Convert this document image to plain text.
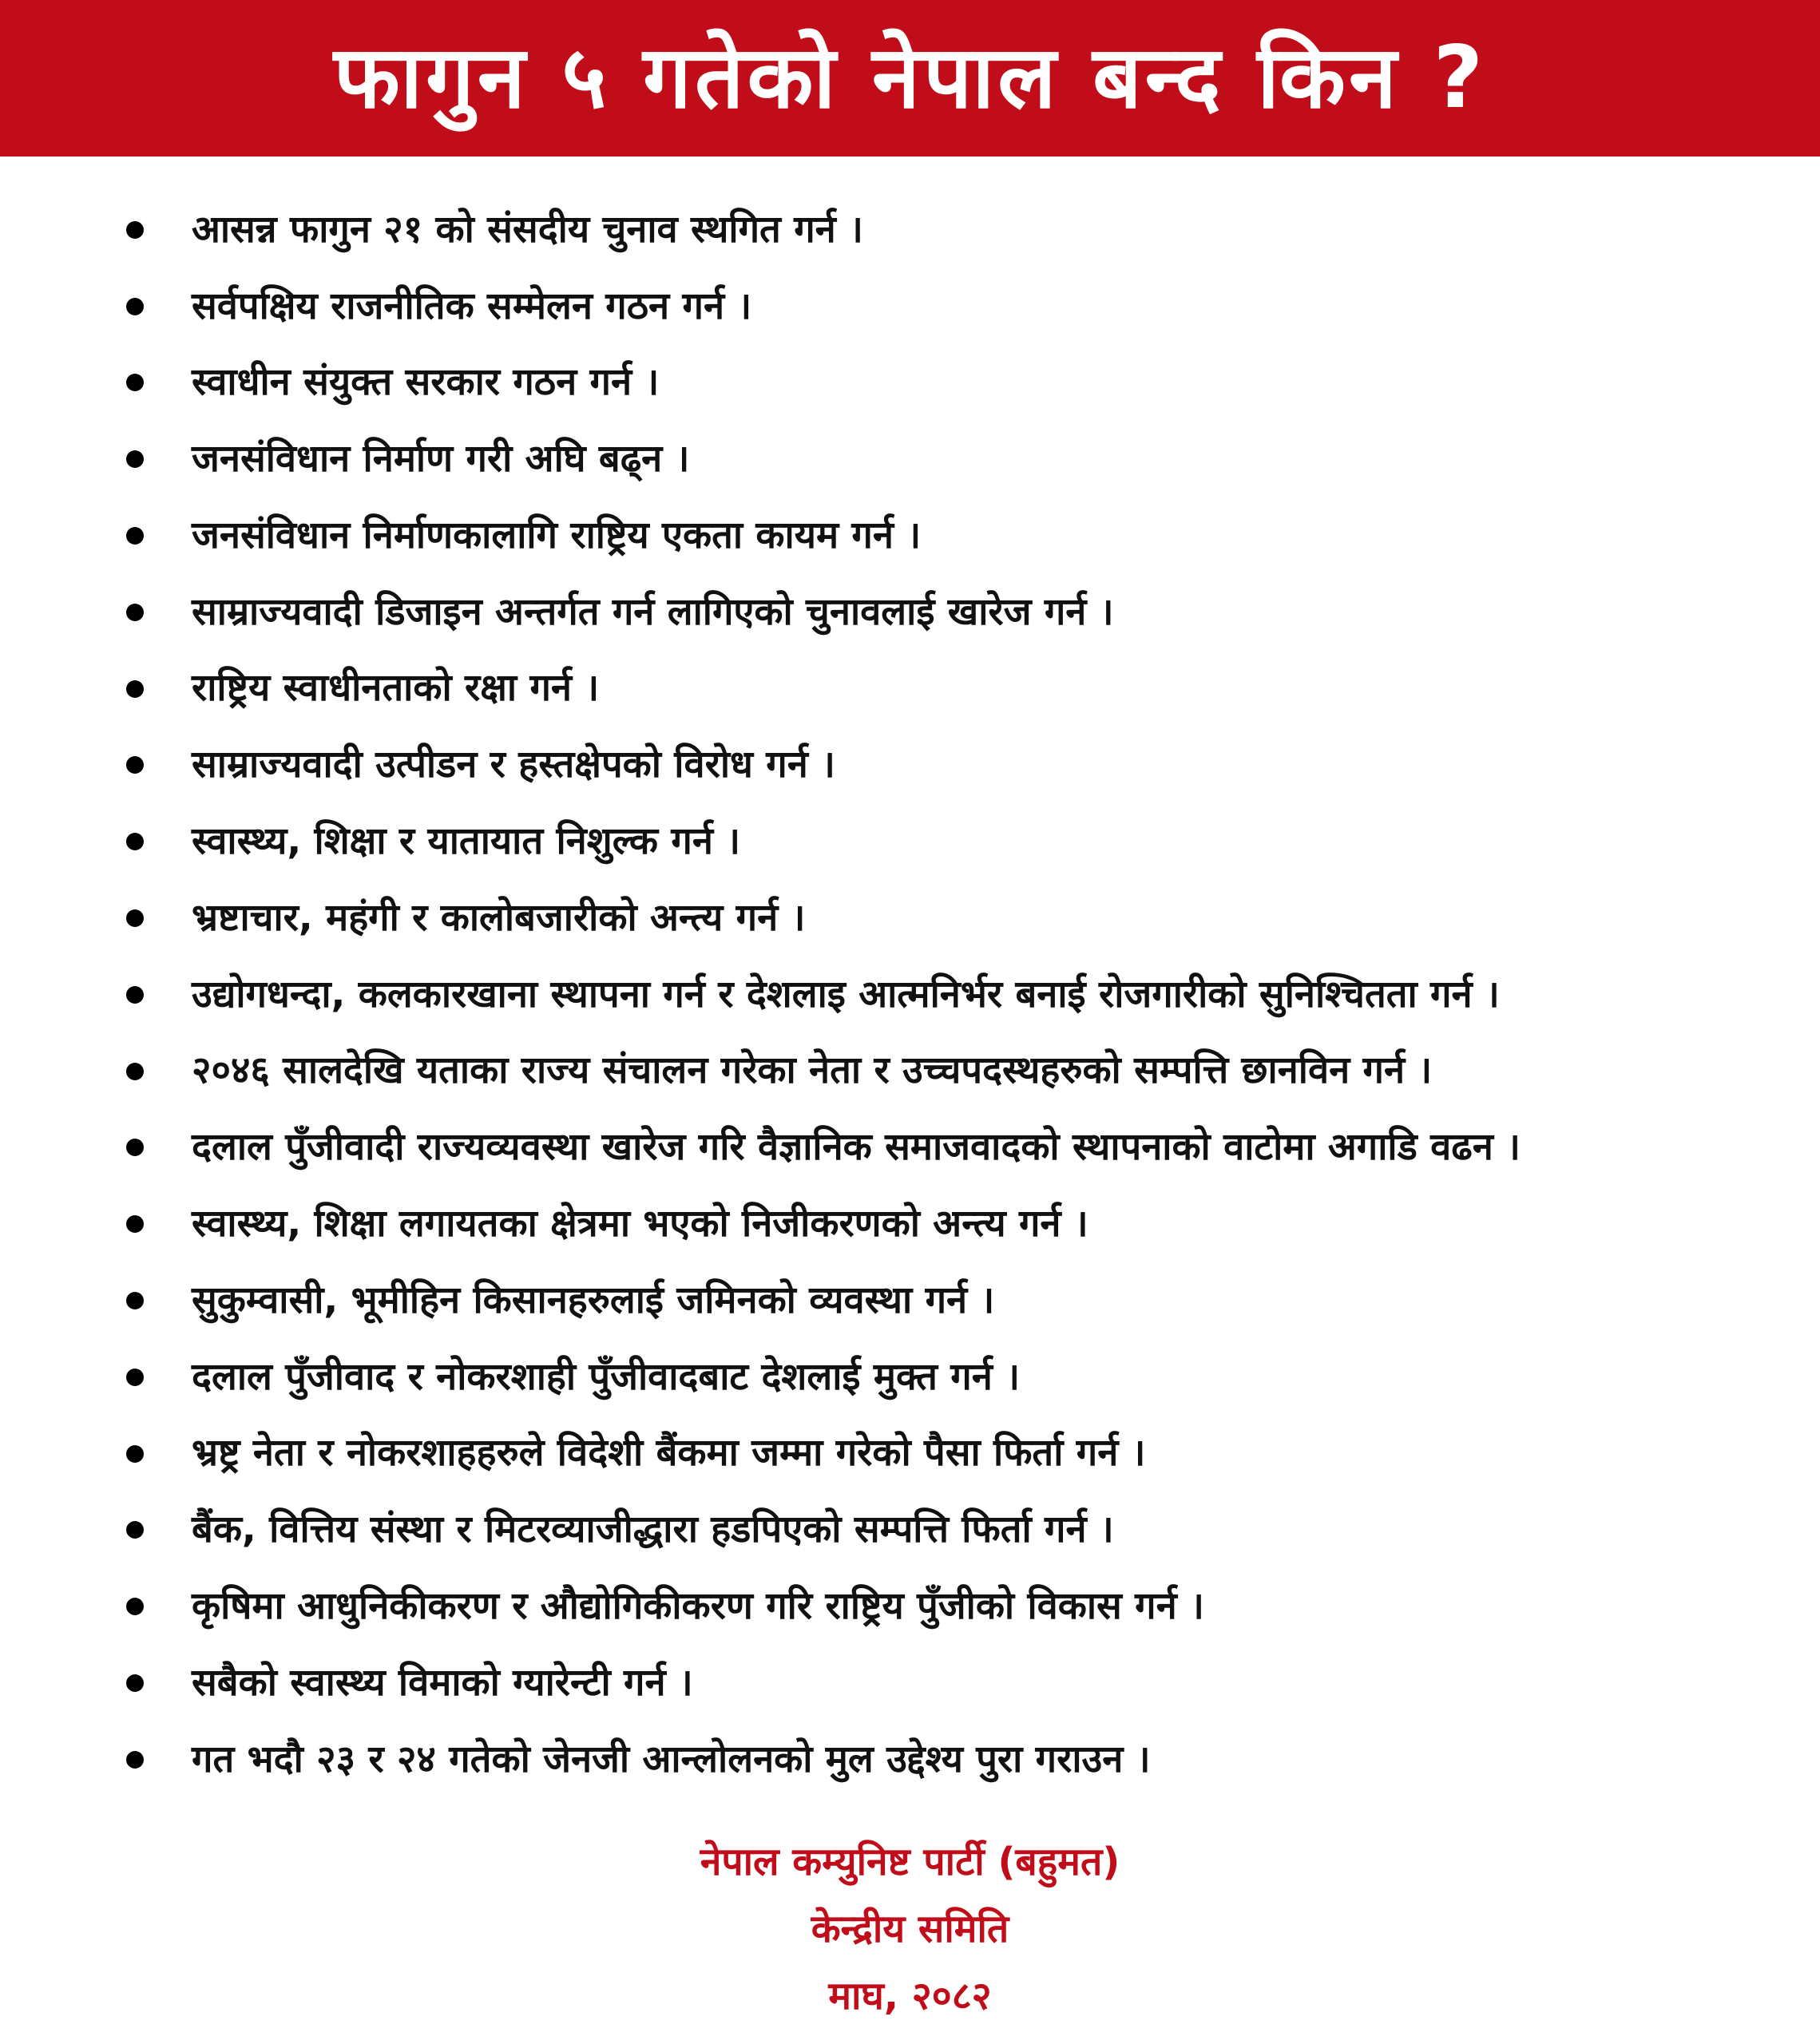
फागुन ५ गतेको नेपाल बन्द किन ?
आसन्न फागुन २१ को संसदीय चुनाव स्थगित गर्न ।
सर्वपक्षिय राजनीतिक सम्मेलन गठन गर्न ।
स्वाधीन संयुक्त सरकार गठन गर्न ।
जनसंविधान निर्माण गरी अघि बढ्न ।
जनसंविधान निर्माणकालागि राष्ट्रिय एकता कायम गर्न ।
साम्राज्यवादी डिजाइन अन्तर्गत गर्न लागिएको चुनावलाई खारेज गर्न ।
राष्ट्रिय स्वाधीनताको रक्षा गर्न ।
साम्राज्यवादी उत्पीडन र हस्तक्षेपको विरोध गर्न ।
स्वास्थ्य, शिक्षा र यातायात निशुल्क गर्न ।
भ्रष्टाचार, महंगी र कालोबजारीको अन्त्य गर्न ।
उद्योगधन्दा, कलकारखाना स्थापना गर्न र देशलाइ आत्मनिर्भर बनाई रोजगारीको सुनिश्चितता गर्न ।
२०४६ सालदेखि यताका राज्य संचालन गरेका नेता र उच्चपदस्थहरुको सम्पत्ति छानविन गर्न ।
दलाल पुँजीवादी राज्यव्यवस्था खारेज गरि वैज्ञानिक समाजवादको स्थापनाको वाटोमा अगाडि वढन ।
स्वास्थ्य, शिक्षा लगायतका क्षेत्रमा भएको निजीकरणको अन्त्य गर्न ।
सुकुम्वासी, भूमीहिन किसानहरुलाई जमिनको व्यवस्था गर्न ।
दलाल पुँजीवाद र नोकरशाही पुँजीवादबाट देशलाई मुक्त गर्न ।
भ्रष्ट्र नेता र नोकरशाहहरुले विदेशी बैंकमा जम्मा गरेको पैसा फिर्ता गर्न ।
बैंक, वित्तिय संस्था र मिटरव्याजीद्धारा हडपिएको सम्पत्ति फिर्ता गर्न ।
कृषिमा आधुनिकीकरण र औद्योगिकीकरण गरि राष्ट्रिय पुँजीको विकास गर्न ।
सबैको स्वास्थ्य विमाको ग्यारेन्टी गर्न ।
गत भदौ २३ र २४ गतेको जेनजी आन्लोलनको मुल उद्देश्य पुरा गराउन ।
नेपाल कम्युनिष्ट पार्टी (बहुमत)
केन्द्रीय समिति
माघ, २०८२
